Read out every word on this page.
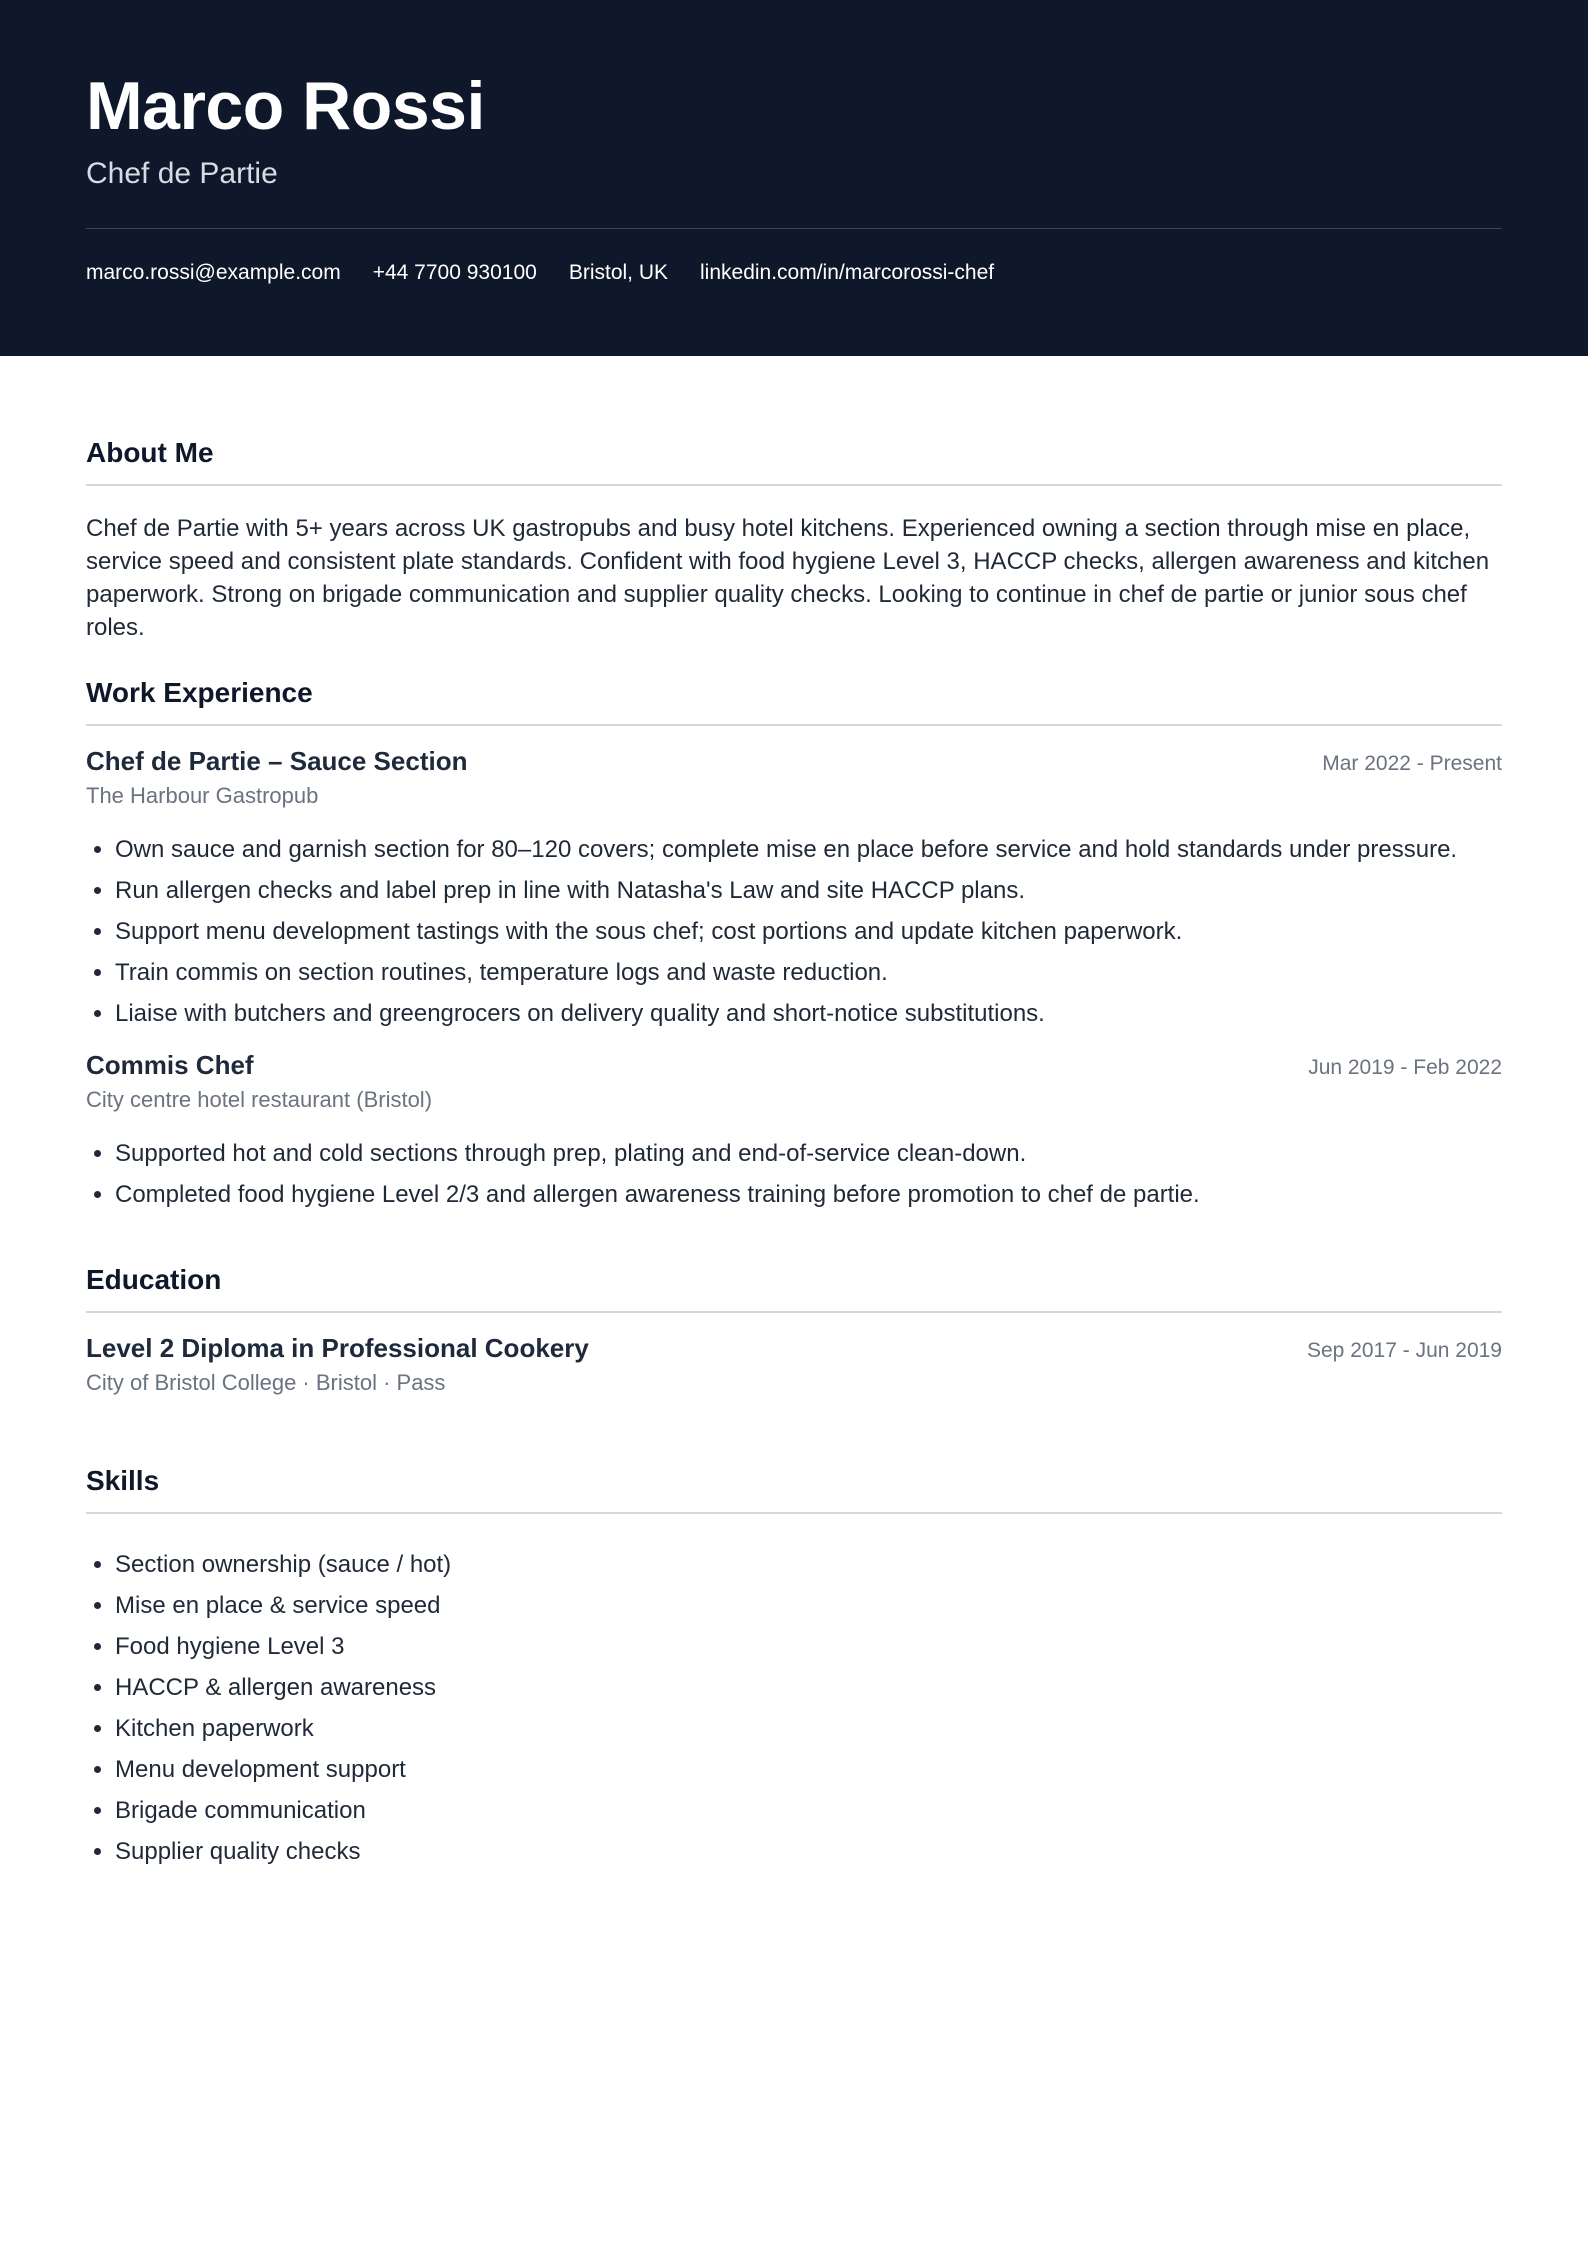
Marco Rossi
Chef de Partie
marco.rossi@example.com +44 7700 930100 Bristol, UK linkedin.com/in/marcorossi-chef
About Me

Chef de Partie with 5+ years across UK gastropubs and busy hotel kitchens. Experienced owning a section through mise en place, service speed and consistent plate standards. Confident with food hygiene Level 3, HACCP checks, allergen awareness and kitchen paperwork. Strong on brigade communication and supplier quality checks. Looking to continue in chef de partie or junior sous chef roles.

Work Experience
Chef de Partie – Sauce Section	Mar 2022 - Present
The Harbour Gastropub
• Own sauce and garnish section for 80–120 covers; complete mise en place before service and hold standards under pressure.
• Run allergen checks and label prep in line with Natasha's Law and site HACCP plans.
• Support menu development tastings with the sous chef; cost portions and update kitchen paperwork.
• Train commis on section routines, temperature logs and waste reduction.
• Liaise with butchers and greengrocers on delivery quality and short-notice substitutions.
Commis Chef	Jun 2019 - Feb 2022
City centre hotel restaurant (Bristol)
• Supported hot and cold sections through prep, plating and end-of-service clean-down.
• Completed food hygiene Level 2/3 and allergen awareness training before promotion to chef de partie.
Education
Level 2 Diploma in Professional Cookery	Sep 2017 - Jun 2019
City of Bristol College · Bristol · Pass
Skills
• Section ownership (sauce / hot)
• Mise en place & service speed
• Food hygiene Level 3
• HACCP & allergen awareness
• Kitchen paperwork
• Menu development support
• Brigade communication
• Supplier quality checks
